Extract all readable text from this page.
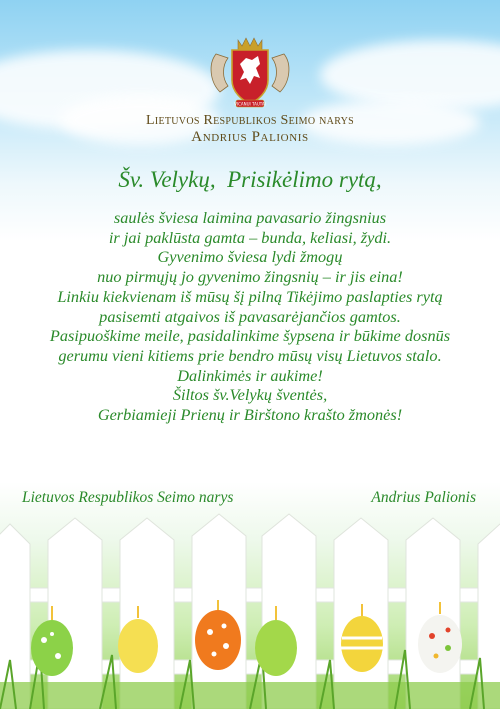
VICANUI TAUTAI
Lietuvos Respublikos Seimo narys
Andrius Palionis
Šv. Velykų,  Prisikėlimo rytą,
saulės šviesa laimina pavasario žingsnius
ir jai paklūsta gamta – bunda, keliasi, žydi.
Gyvenimo šviesa lydi žmogų
nuo pirmųjų jo gyvenimo žingsnių – ir jis eina!
Linkiu kiekvienam iš mūsų šį pilną Tikėjimo paslapties rytą
pasisemti atgaivos iš pavasarėjančios gamtos.
Pasipuoškime meile, pasidalinkime šypsena ir būkime dosnūs
gerumu vieni kitiems prie bendro mūsų visų Lietuvos stalo.
Dalinkimės ir aukime!
Šiltos šv.Velykų šventės,
Gerbiamieji Prienų ir Birštono krašto žmonės!
Lietuvos Respublikos Seimo narys	Andrius Palionis
